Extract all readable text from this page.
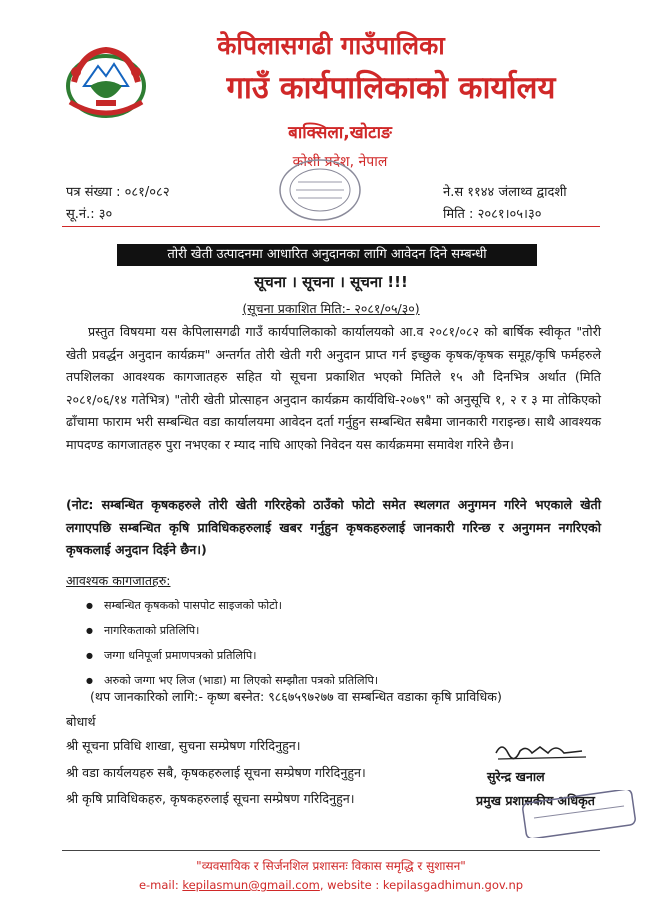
केपिलासगढी गाउँपालिका
गाउँ कार्यपालिकाको कार्यालय
बाक्सिला,खोटाङ
कोशी प्रदेश, नेपाल
पत्र संख्या : ०८१/०८२
सू.नं.: ३०
ने.स ११४४ जंलाथ्व द्वादशी
मिति : २०८१।०५।३०
तोरी खेती उत्पादनमा आधारित अनुदानका लागि आवेदन दिने सम्बन्धी
सूचना । सूचना । सूचना !!!
(सूचना प्रकाशित मिति:- २०८१/०५/३०)

प्रस्तुत विषयमा यस केपिलासगढी गाउँ कार्यपालिकाको कार्यालयको आ.व २०८१/०८२ को बार्षिक स्वीकृत "तोरी खेती प्रवर्द्धन अनुदान कार्यक्रम" अन्तर्गत तोरी खेती गरी अनुदान प्राप्त गर्न इच्छुक कृषक/कृषक समूह/कृषि फर्महरुले तपशिलका आवश्यक कागजातहरु सहित यो सूचना प्रकाशित भएको मितिले १५ औ दिनभित्र अर्थात (मिति २०८१/०६/१४ गतेभित्र) "तोरी खेती प्रोत्साहन अनुदान कार्यक्रम कार्यविधि-२०७९" को अनुसूचि १, २ र ३ मा तोकिएको ढाँचामा फाराम भरी सम्बन्धित वडा कार्यालयमा आवेदन दर्ता गर्नुहुन सम्बन्धित सबैमा जानकारी गराइन्छ। साथै आवश्यक मापदण्ड कागजातहरु पुरा नभएका र म्याद नाघि आएको निवेदन यस कार्यक्रममा समावेश गरिने छैन।

(नोट: सम्बन्धित कृषकहरुले तोरी खेती गरिरहेको ठाउँको फोटो समेत स्थलगत अनुगमन गरिने भएकाले खेती लगाएपछि सम्बन्धित कृषि प्राविधिकहरुलाई खबर गर्नुहुन कृषकहरुलाई जानकारी गरिन्छ र अनुगमन नगरिएको कृषकलाई अनुदान दिईने छैन।)
आवश्यक कागजातहरु:
● सम्बन्धित कृषकको पासपोट साइजको फोटो।
● नागरिकताको प्रतिलिपि।
● जग्गा धनिपूर्जा प्रमाणपत्रको प्रतिलिपि।
● अरुको जग्गा भए लिज (भाडा) मा लिएको सम्झौता पत्रको प्रतिलिपि।
(थप जानकारिको लागि:- कृष्ण बस्नेत: ९८६७५९७२७७ वा सम्बन्धित वडाका कृषि प्राविधिक)
बोधार्थ
श्री सूचना प्रविधि शाखा, सुचना सम्प्रेषण गरिदिनुहुन।
श्री वडा कार्यलयहरु सबै, कृषकहरुलाई सूचना सम्प्रेषण गरिदिनुहुन।
श्री कृषि प्राविधिकहरु, कृषकहरुलाई सूचना सम्प्रेषण गरिदिनुहुन।
सुरेन्द्र खनाल
प्रमुख प्रशासकीय अधिकृत
"व्यवसायिक र सिर्जनशिल प्रशासनः विकास समृद्धि र सुशासन"
e-mail: kepilasmun@gmail.com, website : kepilasgadhimun.gov.np
